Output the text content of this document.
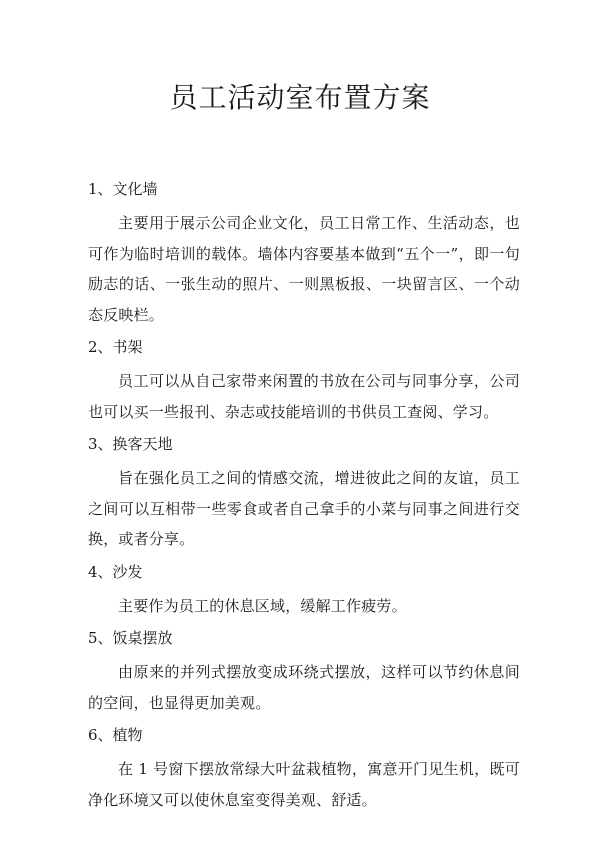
员工活动室布置方案

1、文化墙

主要用于展示公司企业文化，员工日常工作、生活动态，也可作为临时培训的载体。墙体内容要基本做到“五个一”，即一句励志的话、一张生动的照片、一则黑板报、一块留言区、一个动态反映栏。

2、书架

员工可以从自己家带来闲置的书放在公司与同事分享，公司也可以买一些报刊、杂志或技能培训的书供员工查阅、学习。

3、换客天地

旨在强化员工之间的情感交流，增进彼此之间的友谊，员工之间可以互相带一些零食或者自己拿手的小菜与同事之间进行交换，或者分享。

4、沙发

主要作为员工的休息区域，缓解工作疲劳。

5、饭桌摆放

由原来的并列式摆放变成环绕式摆放，这样可以节约休息间的空间，也显得更加美观。

6、植物

在 1 号窗下摆放常绿大叶盆栽植物，寓意开门见生机，既可净化环境又可以使休息室变得美观、舒适。
